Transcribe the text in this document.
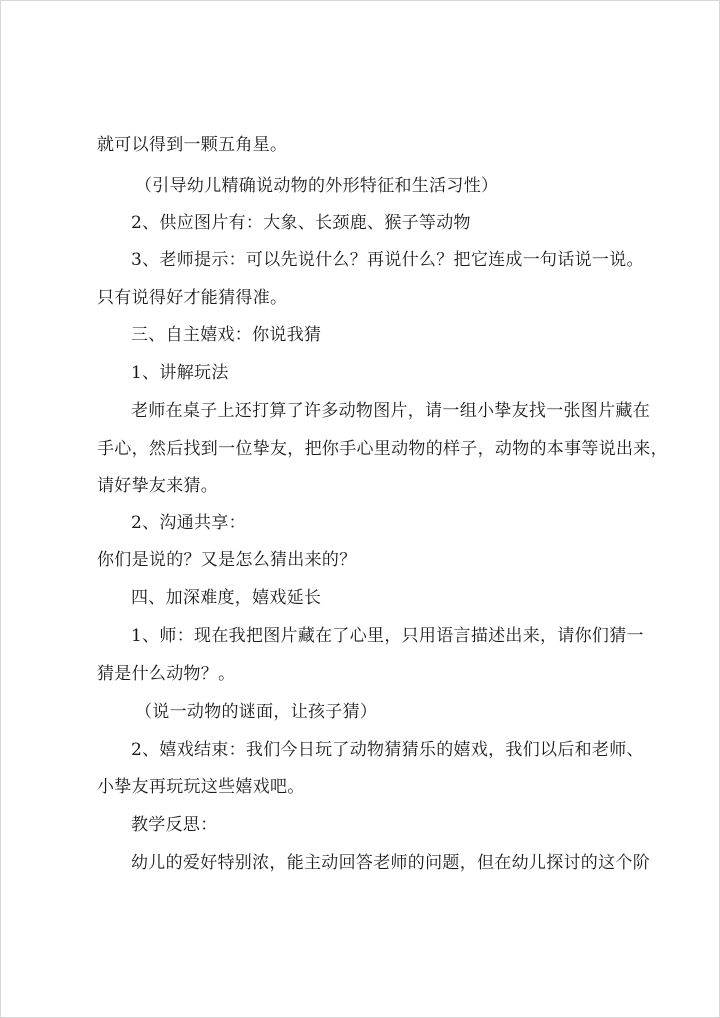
就可以得到一颗五角星。
（引导幼儿精确说动物的外形特征和生活习性）
2、供应图片有：大象、长颈鹿、猴子等动物
3、老师提示：可以先说什么？再说什么？把它连成一句话说一说。
只有说得好才能猜得准。
三、自主嬉戏：你说我猜
1、讲解玩法
老师在桌子上还打算了许多动物图片，请一组小挚友找一张图片藏在
手心，然后找到一位挚友，把你手心里动物的样子，动物的本事等说出来，
请好挚友来猜。
2、沟通共享：
你们是说的？又是怎么猜出来的？
四、加深难度，嬉戏延长
1、师：现在我把图片藏在了心里，只用语言描述出来，请你们猜一
猜是什么动物？。
（说一动物的谜面，让孩子猜）
2、嬉戏结束：我们今日玩了动物猜猜乐的嬉戏，我们以后和老师、
小挚友再玩玩这些嬉戏吧。
教学反思：
幼儿的爱好特别浓，能主动回答老师的问题，但在幼儿探讨的这个阶
